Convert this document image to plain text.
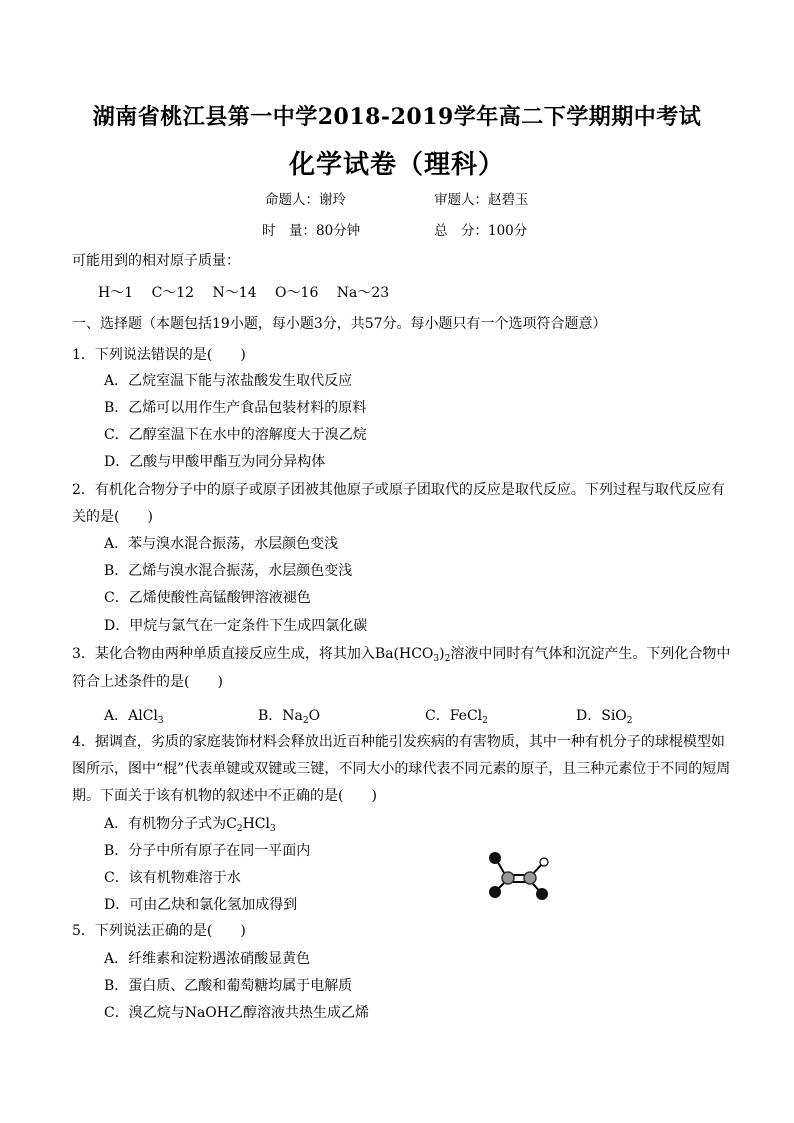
湖南省桃江县第一中学2018-2019学年高二下学期期中考试
化学试卷（理科）
命题人：谢玲	审题人：赵碧玉
时　量：80分钟	总　分：100分
可能用到的相对原子质量：
H～1　 C～12　 N～14　 O～16　 Na～23
一、选择题（本题包括19小题，每小题3分，共57分。每小题只有一个选项符合题意）
1．下列说法错误的是(　　)
A．乙烷室温下能与浓盐酸发生取代反应
B．乙烯可以用作生产食品包装材料的原料
C．乙醇室温下在水中的溶解度大于溴乙烷
D．乙酸与甲酸甲酯互为同分异构体
2．有机化合物分子中的原子或原子团被其他原子或原子团取代的反应是取代反应。下列过程与取代反应有
关的是(　　)
A．苯与溴水混合振荡，水层颜色变浅
B．乙烯与溴水混合振荡，水层颜色变浅
C．乙烯使酸性高锰酸钾溶液褪色
D．甲烷与氯气在一定条件下生成四氯化碳
3．某化合物由两种单质直接反应生成，将其加入$Ba(HCO_3)_2$溶液中同时有气体和沉淀产生。下列化合物中
符合上述条件的是(　　)
A．AlCl$_3$	B．$Na_2O$	C．FeCl$_2$	D．SiO$_2$
4．据调查，劣质的家庭装饰材料会释放出近百种能引发疾病的有害物质，其中一种有机分子的球棍模型如
图所示，图中“棍”代表单键或双键或三键，不同大小的球代表不同元素的原子，且三种元素位于不同的短周
期。下面关于该有机物的叙述中不正确的是(　　)
A．有机物分子式为$C_2HCl_3$
B．分子中所有原子在同一平面内
C．该有机物难溶于水
D．可由乙炔和氯化氢加成得到
5．下列说法正确的是(　　)
A．纤维素和淀粉遇浓硝酸显黄色
B．蛋白质、乙酸和葡萄糖均属于电解质
C．溴乙烷与NaOH乙醇溶液共热生成乙烯
